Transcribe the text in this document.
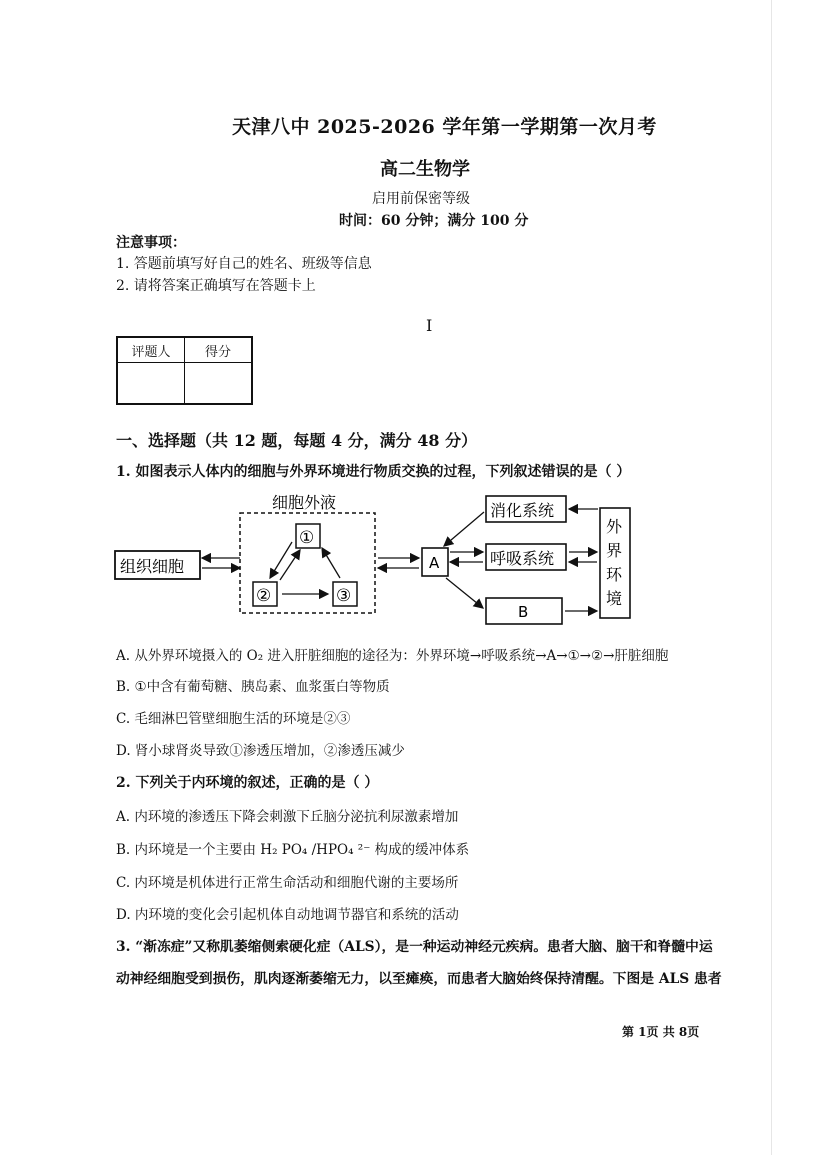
天津八中 2025-2026 学年第一学期第一次月考
高二生物学
启用前保密等级
时间：60 分钟；满分 100 分
注意事项：
1. 答题前填写好自己的姓名、班级等信息
2. 请将答案正确填写在答题卡上
I
评题人	得分

一、选择题（共 12 题，每题 4 分，满分 48 分）
1. 如图表示人体内的细胞与外界环境进行物质交换的过程，下列叙述错误的是（ ）
细胞外液
组织细胞
①
②	③
A
消化系统
呼吸系统
B
外
界
环
境
A. 从外界环境摄入的 O₂ 进入肝脏细胞的途径为：外界环境→呼吸系统→A→①→②→肝脏细胞
B. ①中含有葡萄糖、胰岛素、血浆蛋白等物质
C. 毛细淋巴管壁细胞生活的环境是②③
D. 肾小球肾炎导致①渗透压增加，②渗透压减少
2. 下列关于内环境的叙述，正确的是（ ）
A. 内环境的渗透压下降会刺激下丘脑分泌抗利尿激素增加
B. 内环境是一个主要由 H₂ PO₄ /HPO₄ ²⁻ 构成的缓冲体系
C. 内环境是机体进行正常生命活动和细胞代谢的主要场所
D. 内环境的变化会引起机体自动地调节器官和系统的活动
3. “渐冻症”又称肌萎缩侧索硬化症（ALS），是一种运动神经元疾病。患者大脑、脑干和脊髓中运
动神经细胞受到损伤，肌肉逐渐萎缩无力，以至瘫痪，而患者大脑始终保持清醒。下图是 ALS 患者
第 1页 共 8页
